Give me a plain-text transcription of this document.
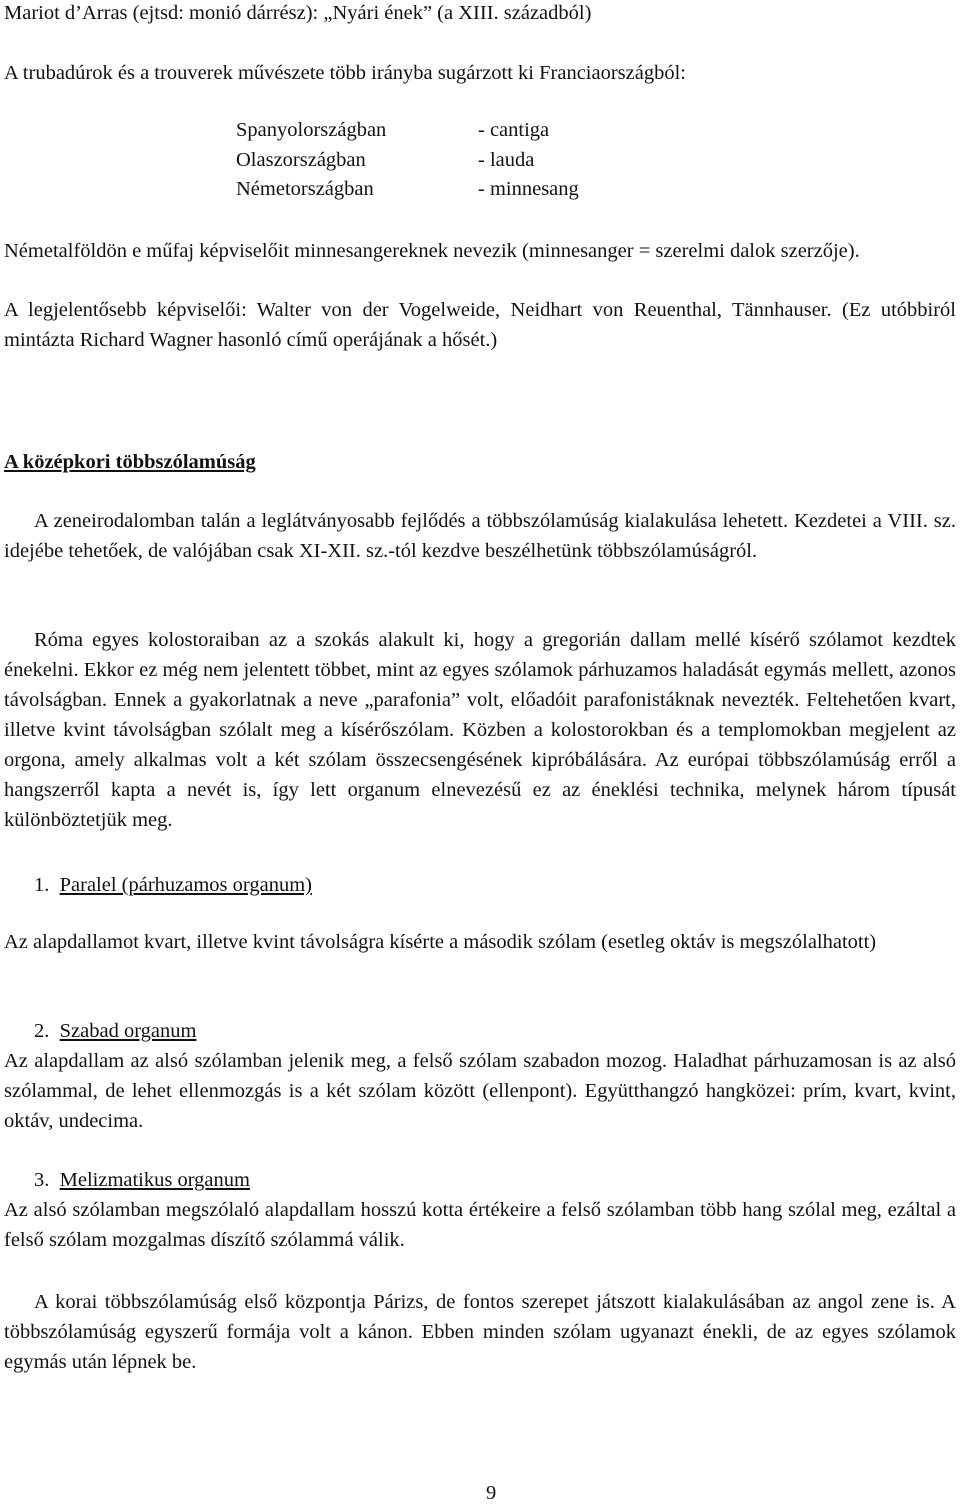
Mariot d’Arras (ejtsd: monió dárrész): „Nyári ének” (a XIII. századból)

A trubadúrok és a trouverek művészete több irányba sugárzott ki Franciaországból:

Spanyolországban	- cantiga
Olaszországban	- lauda
Németországban	- minnesang

Németalföldön e műfaj képviselőit minnesangereknek nevezik (minnesanger = szerelmi dalok szerzője).

A legjelentősebb képviselői: Walter von der Vogelweide, Neidhart von Reuenthal, Tännhauser. (Ez utóbbiról mintázta Richard Wagner hasonló című operájának a hősét.)

A középkori többszólamúság

A zeneirodalomban talán a leglátványosabb fejlődés a többszólamúság kialakulása lehetett. Kezdetei a VIII. sz. idejébe tehetőek, de valójában csak XI-XII. sz.-tól kezdve beszélhetünk többszólamúságról.

Róma egyes kolostoraiban az a szokás alakult ki, hogy a gregorián dallam mellé kísérő szólamot kezdtek énekelni. Ekkor ez még nem jelentett többet, mint az egyes szólamok párhuzamos haladását egymás mellett, azonos távolságban. Ennek a gyakorlatnak a neve „parafonia” volt, előadóit parafonistáknak nevezték. Feltehetően kvart, illetve kvint távolságban szólalt meg a kísérőszólam. Közben a kolostorokban és a templomokban megjelent az orgona, amely alkalmas volt a két szólam összecsengésének kipróbálására. Az európai többszólamúság erről a hangszerről kapta a nevét is, így lett organum elnevezésű ez az éneklési technika, melynek három típusát különböztetjük meg.

1. Paralel (párhuzamos organum)

Az alapdallamot kvart, illetve kvint távolságra kísérte a második szólam (esetleg oktáv is megszólalhatott)

2. Szabad organum

Az alapdallam az alsó szólamban jelenik meg, a felső szólam szabadon mozog. Haladhat párhuzamosan is az alsó szólammal, de lehet ellenmozgás is a két szólam között (ellenpont). Együtthangzó hangközei: prím, kvart, kvint, oktáv, undecima.

3. Melizmatikus organum

Az alsó szólamban megszólaló alapdallam hosszú kotta értékeire a felső szólamban több hang szólal meg, ezáltal a felső szólam mozgalmas díszítő szólammá válik.

A korai többszólamúság első központja Párizs, de fontos szerepet játszott kialakulásában az angol zene is. A többszólamúság egyszerű formája volt a kánon. Ebben minden szólam ugyanazt énekli, de az egyes szólamok egymás után lépnek be.

9
